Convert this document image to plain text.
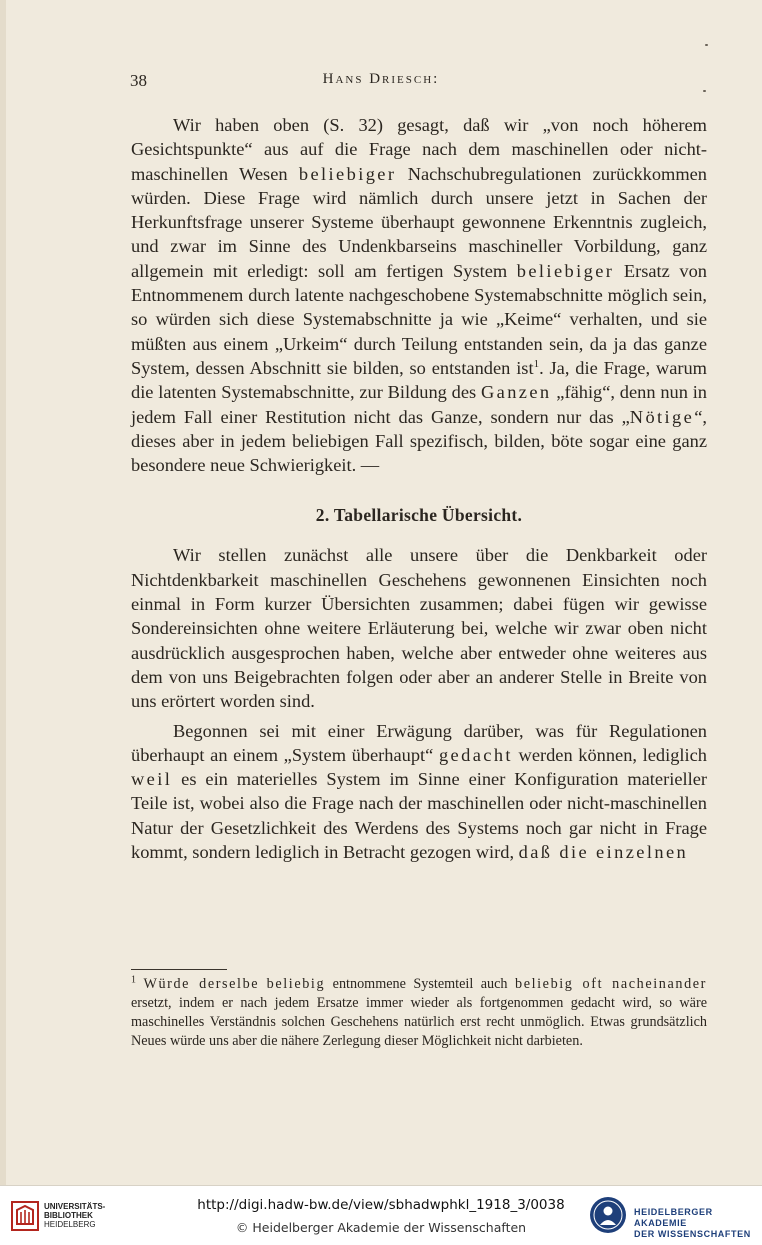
38	Hans Driesch:

Wir haben oben (S. 32) gesagt, daß wir „von noch höherem Gesichtspunkte“ aus auf die Frage nach dem maschinellen oder nicht-maschinellen Wesen beliebiger Nachschubregulationen zurückkommen würden. Diese Frage wird nämlich durch unsere jetzt in Sachen der Herkunftsfrage unserer Systeme überhaupt gewonnene Erkenntnis zugleich, und zwar im Sinne des Undenkbarseins maschineller Vorbildung, ganz allgemein mit erledigt: soll am fertigen System beliebiger Ersatz von Entnommenem durch latente nachgeschobene Systemabschnitte möglich sein, so würden sich diese Systemabschnitte ja wie „Keime“ verhalten, und sie müßten aus einem „Urkeim“ durch Teilung entstanden sein, da ja das ganze System, dessen Abschnitt sie bilden, so entstanden ist$^1$. Ja, die Frage, warum die latenten Systemabschnitte, zur Bildung des Ganzen „fähig“, denn nun in jedem Fall einer Restitution nicht das Ganze, sondern nur das „Nötige“, dieses aber in jedem beliebigen Fall spezifisch, bilden, böte sogar eine ganz besondere neue Schwierigkeit. —

2. Tabellarische Übersicht.

Wir stellen zunächst alle unsere über die Denkbarkeit oder Nichtdenkbarkeit maschinellen Geschehens gewonnenen Einsichten noch einmal in Form kurzer Übersichten zusammen; dabei fügen wir gewisse Sondereinsichten ohne weitere Erläuterung bei, welche wir zwar oben nicht ausdrücklich ausgesprochen haben, welche aber entweder ohne weiteres aus dem von uns Beigebrachten folgen oder aber an anderer Stelle in Breite von uns erörtert worden sind.

Begonnen sei mit einer Erwägung darüber, was für Regulationen überhaupt an einem „System überhaupt“ gedacht werden können, lediglich weil es ein materielles System im Sinne einer Konfiguration materieller Teile ist, wobei also die Frage nach der maschinellen oder nicht-maschinellen Natur der Gesetzlichkeit des Werdens des Systems noch gar nicht in Frage kommt, sondern lediglich in Betracht gezogen wird, daß die einzelnen

$^1$ Würde derselbe beliebig entnommene Systemteil auch beliebig oft nacheinander ersetzt, indem er nach jedem Ersatze immer wieder als fortgenommen gedacht wird, so wäre maschinelles Verständnis solchen Geschehens natürlich erst recht unmöglich. Etwas grundsätzlich Neues würde uns aber die nähere Zerlegung dieser Möglichkeit nicht darbieten.
UNIVERSITÄTS-
BIBLIOTHEK
HEIDELBERG
http://digi.hadw-bw.de/view/sbhadwphkl_1918_3/0038
© Heidelberger Akademie der Wissenschaften
HEIDELBERGER AKADEMIE
DER WISSENSCHAFTEN
